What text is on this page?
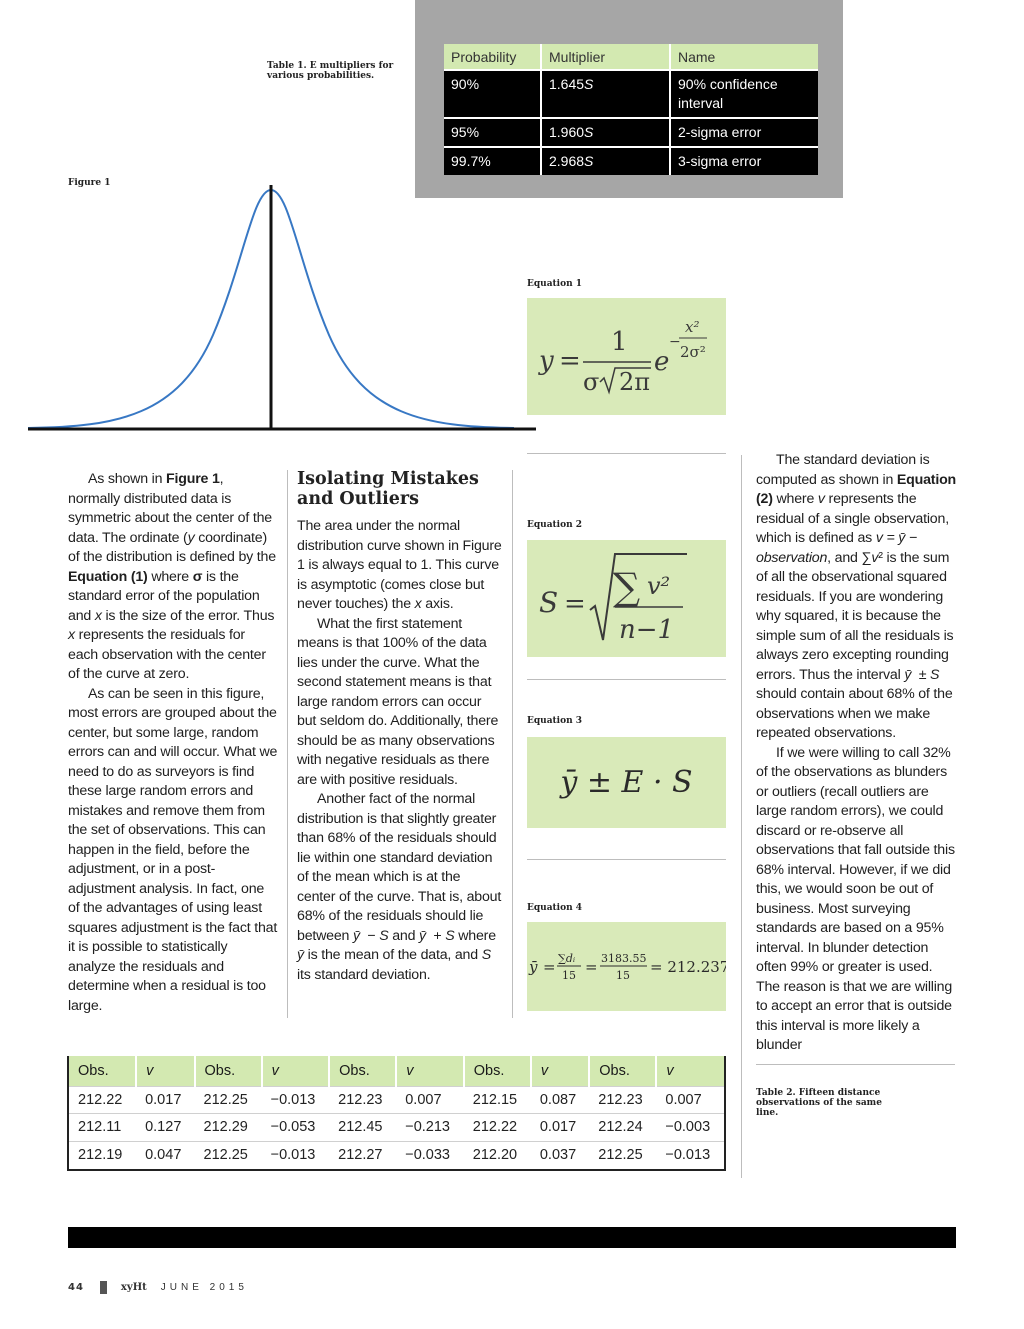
Table 1. E multipliers for various probabilities.
Probability	Multiplier	Name
90%	1.645S	90% confidence interval
95%	1.960S	2-sigma error
99.7%	2.968S	3-sigma error
Figure 1
Equation 1
y =
1
σ 2π
e
−
x²
2σ²
Equation 2
S = ∑ v²
n−1
Equation 3
ȳ ± E · S
Equation 4
ȳ = ∑dᵢ
15 = 3183.55
15 = 212.237

As shown in Figure 1, normally distributed data is symmetric about the center of the data. The ordinate (y coordinate) of the distribution is defined by the Equation (1) where σ is the standard error of the population and x is the size of the error. Thus x represents the residuals for each observation with the center of the curve at zero.

As can be seen in this figure, most errors are grouped about the center, but some large, random errors can and will occur. What we need to do as surveyors is find these large random errors and mistakes and remove them from the set of observations. This can happen in the field, before the adjustment, or in a post-adjustment analysis. In fact, one of the advantages of using least squares adjustment is the fact that it is possible to statistically analyze the residuals and determine when a residual is too large.

Isolating Mistakes and Outliers

The area under the normal distribution curve shown in Figure 1 is always equal to 1. This curve is asymptotic (comes close but never touches) the x axis.

What the first statement means is that 100% of the data lies under the curve. What the second statement means is that large random errors can occur but seldom do. Additionally, there should be as many observations with negative residuals as there are with positive residuals.

Another fact of the normal distribution is that slightly greater than 68% of the residuals should lie within one standard deviation of the mean which is at the center of the curve. That is, about 68% of the residuals should lie between ȳ  − S and ȳ  + S where ȳ is the mean of the data, and S its standard deviation.

The standard deviation is computed as shown in Equation (2) where v represents the residual of a single observation, which is defined as v = ȳ − observation, and ∑v² is the sum of all the observational squared residuals. If you are wondering why squared, it is because the simple sum of all the residuals is always zero excepting rounding errors. Thus the interval ȳ  ± S should contain about 68% of the observations when we make repeated observations.

If we were willing to call 32% of the observations as blunders or outliers (recall outliers are large random errors), we could discard or re-observe all observations that fall outside this 68% interval. However, if we did this, we would soon be out of business. Most surveying standards are based on a 95% interval. In blunder detection often 99% or greater is used. The reason is that we are willing to accept an error that is outside this interval is more likely a blunder

Table 2. Fifteen distance observations of the same line.
Obs.	v	Obs.	v	Obs.	v	Obs.	v	Obs.	v
212.22	0.017	212.25	−0.013	212.23	0.007	212.15	0.087	212.23	0.007
212.11	0.127	212.29	−0.053	212.45	−0.213	212.22	0.017	212.24	−0.003
212.19	0.047	212.25	−0.013	212.27	−0.033	212.20	0.037	212.25	−0.013
44	xyHt JUNE 2015
